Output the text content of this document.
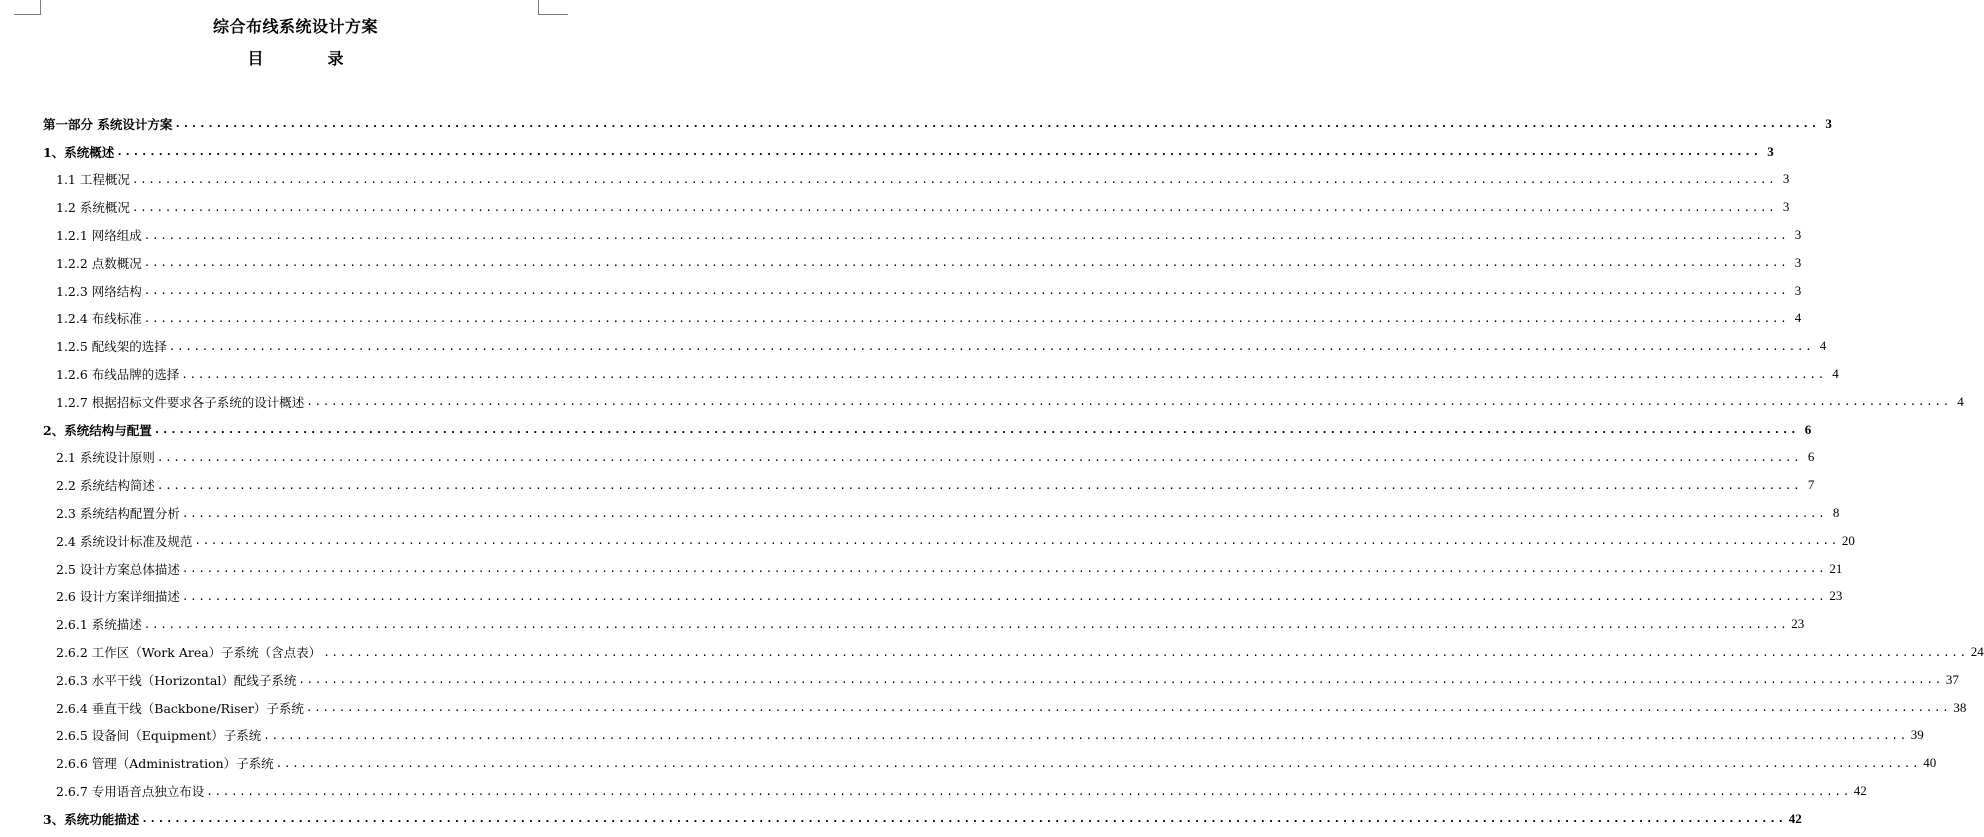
综合布线系统设计方案
目	录
第一部分 系统设计方案 ........................................................................................................................................................................................................ 3
1、系统概述 ........................................................................................................................................................................................................ 3
1.1 工程概况 ........................................................................................................................................................................................................ 3
1.2 系统概况 ........................................................................................................................................................................................................ 3
1.2.1 网络组成 ........................................................................................................................................................................................................ 3
1.2.2 点数概况 ........................................................................................................................................................................................................ 3
1.2.3 网络结构 ........................................................................................................................................................................................................ 3
1.2.4 布线标准 ........................................................................................................................................................................................................ 4
1.2.5 配线架的选择 ........................................................................................................................................................................................................ 4
1.2.6 布线品牌的选择 ........................................................................................................................................................................................................ 4
1.2.7 根据招标文件要求各子系统的设计概述 ........................................................................................................................................................................................................ 4
2、系统结构与配置 ........................................................................................................................................................................................................ 6
2.1 系统设计原则 ........................................................................................................................................................................................................ 6
2.2 系统结构简述 ........................................................................................................................................................................................................ 7
2.3 系统结构配置分析 ........................................................................................................................................................................................................ 8
2.4 系统设计标准及规范 ........................................................................................................................................................................................................ 20
2.5 设计方案总体描述 ........................................................................................................................................................................................................ 21
2.6 设计方案详细描述 ........................................................................................................................................................................................................ 23
2.6.1 系统描述 ........................................................................................................................................................................................................ 23
2.6.2 工作区（Work Area）子系统（含点表） ........................................................................................................................................................................................................ 24
2.6.3 水平干线（Horizontal）配线子系统 ........................................................................................................................................................................................................ 37
2.6.4 垂直干线（Backbone/Riser）子系统 ........................................................................................................................................................................................................ 38
2.6.5 设备间（Equipment）子系统 ........................................................................................................................................................................................................ 39
2.6.6 管理（Administration）子系统 ........................................................................................................................................................................................................ 40
2.6.7 专用语音点独立布设 ........................................................................................................................................................................................................ 42
3、系统功能描述 ........................................................................................................................................................................................................ 42
